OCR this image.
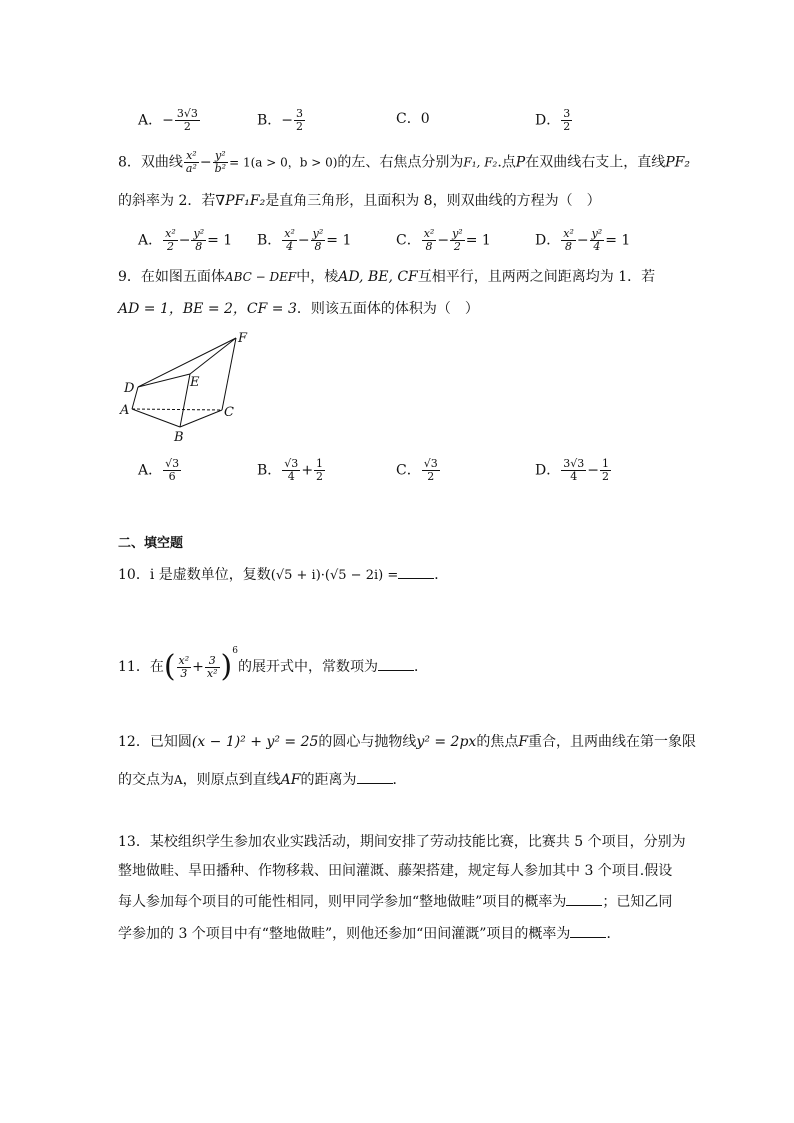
A．− $\frac{3√3}{2}$	B．− $\frac{3}{2}$	C．0	D． $\frac{3}{2}$
8．双曲线 $\frac{\text{x²}}{\text{a²}} - \frac{\text{y²}}{\text{b²}} = 1(a > 0$，b > 0)的左、右焦点分别为F₁, F₂.点P在双曲线右支上，直线PF₂
的斜率为 2．若∇PF₁F₂是直角三角形，且面积为 8，则双曲线的方程为（　）
A． $\frac{\text{x²}}{2} - \frac{\text{y²}}{8} = 1$ B． $\frac{\text{x²}}{4} - \frac{\text{y²}}{8} = 1$	C． $\frac{\text{x²}}{8} - \frac{\text{y²}}{2} = 1$	D． $\frac{\text{x²}}{8} - \frac{\text{y²}}{4} = 1$
9．在如图五面体ABC − DEF中，棱AD, BE, CF互相平行，且两两之间距离均为 1．若
AD = 1，BE = 2，CF = 3．则该五面体的体积为（　）
D
A
B
C
E
F
A． $\frac{√3}{6}$	B． $\frac{√3}{4} + \frac{1}{2}$	C． $\frac{√3}{2}$	D． $\frac{3√3}{4} - \frac{1}{2}$
二、填空题
10．i 是虚数单位，复数(√5 + i)·(√5 − 2i) =	．
11．在( $\frac{\text{x²}}{3} + \frac{3}{\text{x²}} )^6$的展开式中，常数项为	．
12．已知圆(x − 1)² + y² = 25的圆心与抛物线y² = 2px的焦点F重合，且两曲线在第一象限
的交点为A，则原点到直线AF的距离为	．
13．某校组织学生参加农业实践活动，期间安排了劳动技能比赛，比赛共 5 个项目，分别为
整地做畦、旱田播种、作物移栽、田间灌溉、藤架搭建，规定每人参加其中 3 个项目.假设
每人参加每个项目的可能性相同，则甲同学参加“整地做畦”项目的概率为	；已知乙同
学参加的 3 个项目中有“整地做畦”，则他还参加“田间灌溉”项目的概率为	．
